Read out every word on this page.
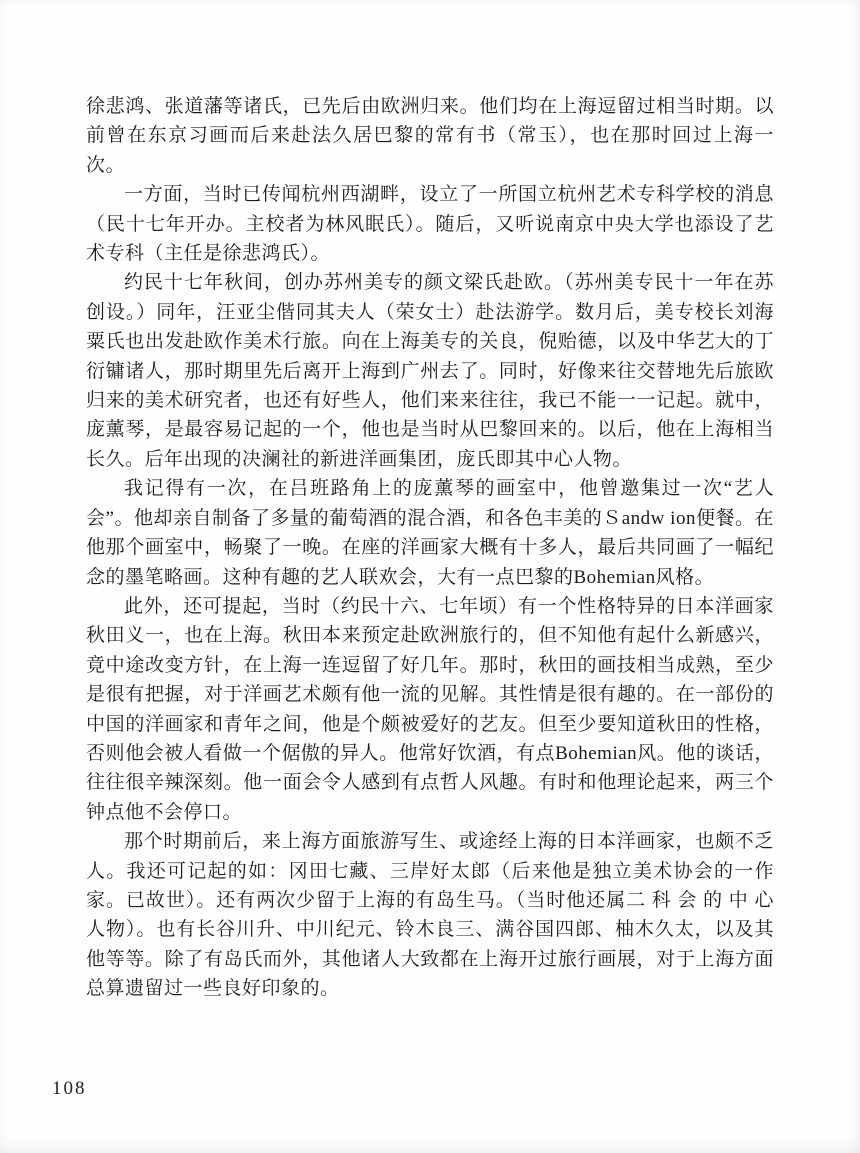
徐悲鸿、张道藩等诸氏，已先后由欧洲归来。他们均在上海逗留过相当时期。以前曾在东京习画而后来赴法久居巴黎的常有书（常玉），也在那时回过上海一次。

一方面，当时已传闻杭州西湖畔，设立了一所国立杭州艺术专科学校的消息（民十七年开办。主校者为林风眠氏）。随后，又听说南京中央大学也添设了艺术专科（主任是徐悲鸿氏）。

约民十七年秋间，创办苏州美专的颜文梁氏赴欧。（苏州美专民十一年在苏创设。）同年，汪亚尘偕同其夫人（荣女士）赴法游学。数月后，美专校长刘海粟氏也出发赴欧作美术行旅。向在上海美专的关良，倪贻德，以及中华艺大的丁衍镛诸人，那时期里先后离开上海到广州去了。同时，好像来往交替地先后旅欧归来的美术研究者，也还有好些人，他们来来往往，我已不能一一记起。就中，庞薰琴，是最容易记起的一个，他也是当时从巴黎回来的。以后，他在上海相当长久。后年出现的决澜社的新进洋画集团，庞氏即其中心人物。

我记得有一次，在吕班路角上的庞薰琴的画室中，他曾邀集过一次“艺人会”。他却亲自制备了多量的葡萄酒的混合酒，和各色丰美的Ｓandw ion便餐。在他那个画室中，畅聚了一晚。在座的洋画家大概有十多人，最后共同画了一幅纪念的墨笔略画。这种有趣的艺人联欢会，大有一点巴黎的Bohemian风格。

此外，还可提起，当时（约民十六、七年顷）有一个性格特异的日本洋画家秋田义一，也在上海。秋田本来预定赴欧洲旅行的，但不知他有起什么新感兴，竟中途改变方针，在上海一连逗留了好几年。那时，秋田的画技相当成熟，至少是很有把握，对于洋画艺术颇有他一流的见解。其性情是很有趣的。在一部份的中国的洋画家和青年之间，他是个颇被爱好的艺友。但至少要知道秋田的性格，否则他会被人看做一个倨傲的异人。他常好饮酒，有点Bohemian风。他的谈话，往往很辛辣深刻。他一面会令人感到有点哲人风趣。有时和他理论起来，两三个钟点他不会停口。

那个时期前后，来上海方面旅游写生、或途经上海的日本洋画家，也颇不乏人。我还可记起的如：冈田七藏、三岸好太郎（后来他是独立美术协会的一作家。已故世）。还有两次少留于上海的有岛生马。（当时他还属二 科 会 的 中 心人物）。也有长谷川升、中川纪元、铃木良三、满谷国四郎、柚木久太，以及其他等等。除了有岛氏而外，其他诸人大致都在上海开过旅行画展，对于上海方面总算遗留过一些良好印象的。

108
